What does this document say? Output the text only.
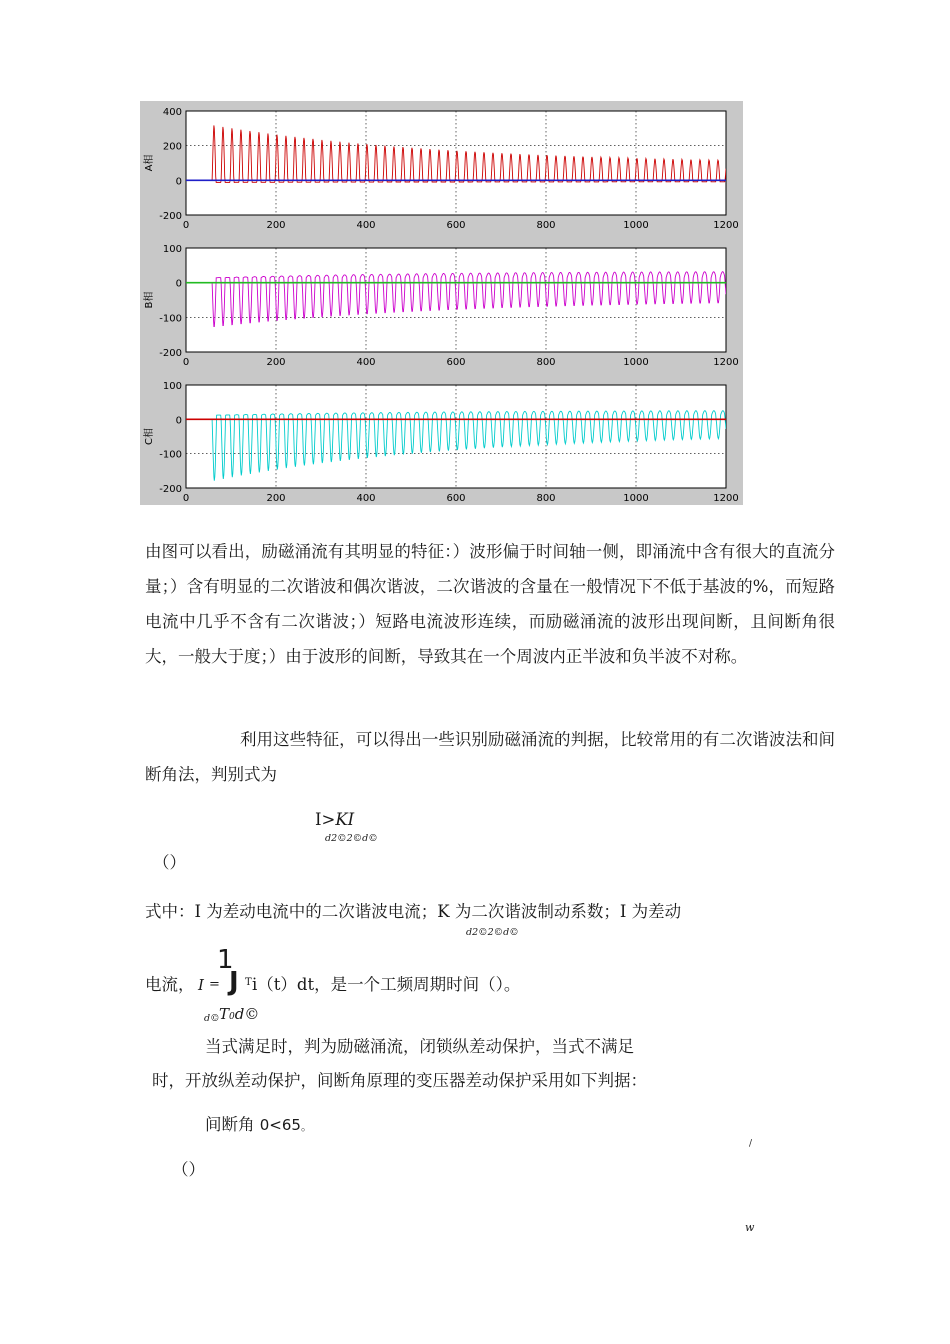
0	200	400	600	800	1000	1200
400
200
0
-200
A相
0	200	400	600	800	1000	1200
100
0
-100
-200
B相
0	200	400	600	800	1000	1200
100
0
-100
-200
C相
由图可以看出，励磁涌流有其明显的特征：）波形偏于时间轴一侧，即涌流中含有很大的直流分量；）含有明显的二次谐波和偶次谐波，二次谐波的含量在一般情况下不低于基波的%，而短路电流中几乎不含有二次谐波；）短路电流波形连续，而励磁涌流的波形出现间断，且间断角很大，一般大于度；）由于波形的间断，导致其在一个周波内正半波和负半波不对称。
利用这些特征，可以得出一些识别励磁涌流的判据，比较常用的有二次谐波法和间断角法，判别式为
I>KI
d2©2©d©
（）
式中：I 为差动电流中的二次谐波电流；K 为二次谐波制动系数；I 为差动
d2©2©d©
电流， I =
1
J T i（t）dt，是一个工频周期时间（）。
d© T0d©
当式满足时，判为励磁涌流，闭锁纵差动保护，当式不满足
时，开放纵差动保护，间断角原理的变压器差动保护采用如下判据：
间断角 0<65。
/
（）
w
